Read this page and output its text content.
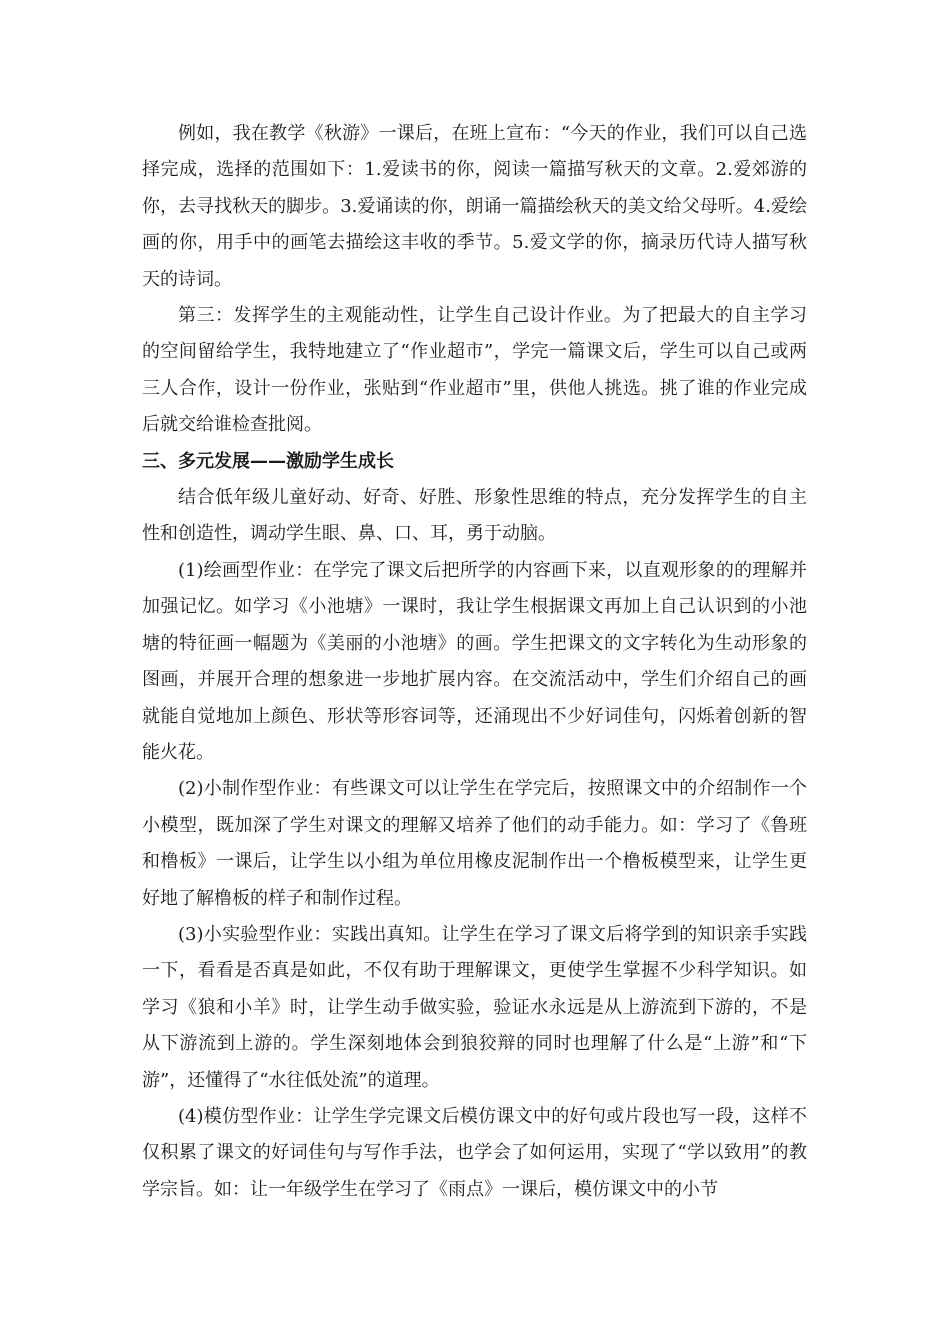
例如，我在教学《秋游》一课后，在班上宣布：“今天的作业，我们可以自己选择完成，选择的范围如下：1.爱读书的你，阅读一篇描写秋天的文章。2.爱郊游的你，去寻找秋天的脚步。3.爱诵读的你，朗诵一篇描绘秋天的美文给父母听。4.爱绘画的你，用手中的画笔去描绘这丰收的季节。5.爱文学的你，摘录历代诗人描写秋天的诗词。

第三：发挥学生的主观能动性，让学生自己设计作业。为了把最大的自主学习的空间留给学生，我特地建立了“作业超市”，学完一篇课文后，学生可以自己或两三人合作，设计一份作业，张贴到“作业超市”里，供他人挑选。挑了谁的作业完成后就交给谁检查批阅。

三、多元发展——激励学生成长

结合低年级儿童好动、好奇、好胜、形象性思维的特点，充分发挥学生的自主性和创造性，调动学生眼、鼻、口、耳，勇于动脑。

(1)绘画型作业：在学完了课文后把所学的内容画下来，以直观形象的的理解并加强记忆。如学习《小池塘》一课时，我让学生根据课文再加上自己认识到的小池塘的特征画一幅题为《美丽的小池塘》的画。学生把课文的文字转化为生动形象的图画，并展开合理的想象进一步地扩展内容。在交流活动中，学生们介绍自己的画就能自觉地加上颜色、形状等形容词等，还涌现出不少好词佳句，闪烁着创新的智能火花。

(2)小制作型作业：有些课文可以让学生在学完后，按照课文中的介绍制作一个小模型，既加深了学生对课文的理解又培养了他们的动手能力。如：学习了《鲁班和橹板》一课后，让学生以小组为单位用橡皮泥制作出一个橹板模型来，让学生更好地了解橹板的样子和制作过程。

(3)小实验型作业：实践出真知。让学生在学习了课文后将学到的知识亲手实践一下，看看是否真是如此，不仅有助于理解课文，更使学生掌握不少科学知识。如学习《狼和小羊》时，让学生动手做实验，验证水永远是从上游流到下游的，不是从下游流到上游的。学生深刻地体会到狼狡辩的同时也理解了什么是“上游”和“下游”，还懂得了“水往低处流”的道理。

(4)模仿型作业：让学生学完课文后模仿课文中的好句或片段也写一段，这样不仅积累了课文的好词佳句与写作手法，也学会了如何运用，实现了“学以致用”的教学宗旨。如：让一年级学生在学习了《雨点》一课后，模仿课文中的小节
